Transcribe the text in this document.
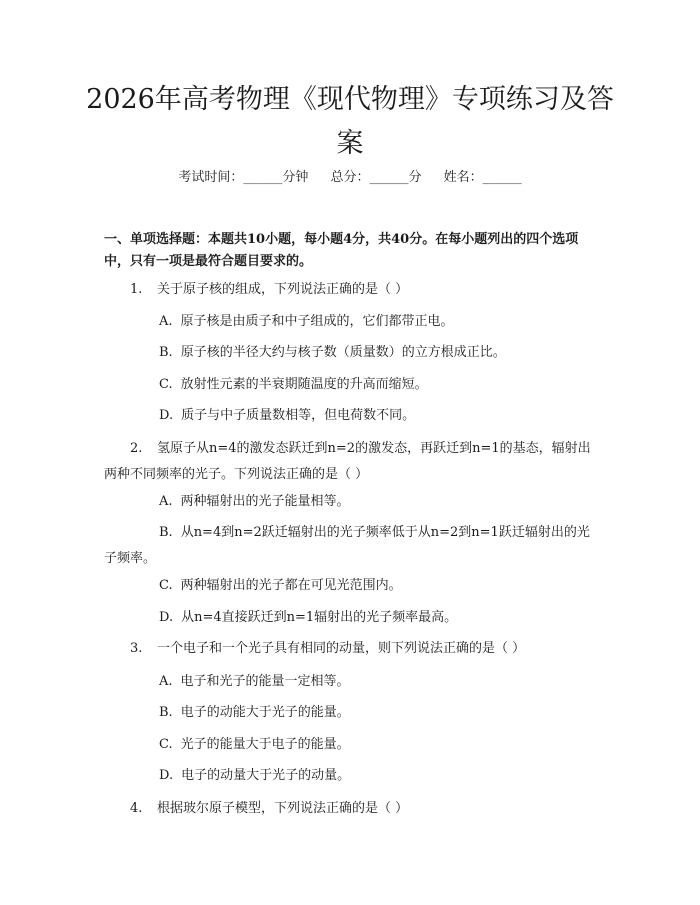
2026年高考物理《现代物理》专项练习及答案
考试时间：______分钟 总分：______分 姓名：______

一、单项选择题：本题共10小题，每小题4分，共40分。在每小题列出的四个选项中，只有一项是最符合题目要求的。

1. 关于原子核的组成，下列说法正确的是（ ）

A. 原子核是由质子和中子组成的，它们都带正电。

B. 原子核的半径大约与核子数（质量数）的立方根成正比。

C. 放射性元素的半衰期随温度的升高而缩短。

D. 质子与中子质量数相等，但电荷数不同。

2. 氢原子从n=4的激发态跃迁到n=2的激发态，再跃迁到n=1的基态，辐射出两种不同频率的光子。下列说法正确的是（ ）

A. 两种辐射出的光子能量相等。

B. 从n=4到n=2跃迁辐射出的光子频率低于从n=2到n=1跃迁辐射出的光子频率。

C. 两种辐射出的光子都在可见光范围内。

D. 从n=4直接跃迁到n=1辐射出的光子频率最高。

3. 一个电子和一个光子具有相同的动量，则下列说法正确的是（ ）

A. 电子和光子的能量一定相等。

B. 电子的动能大于光子的能量。

C. 光子的能量大于电子的能量。

D. 电子的动量大于光子的动量。

4. 根据玻尔原子模型，下列说法正确的是（ ）
